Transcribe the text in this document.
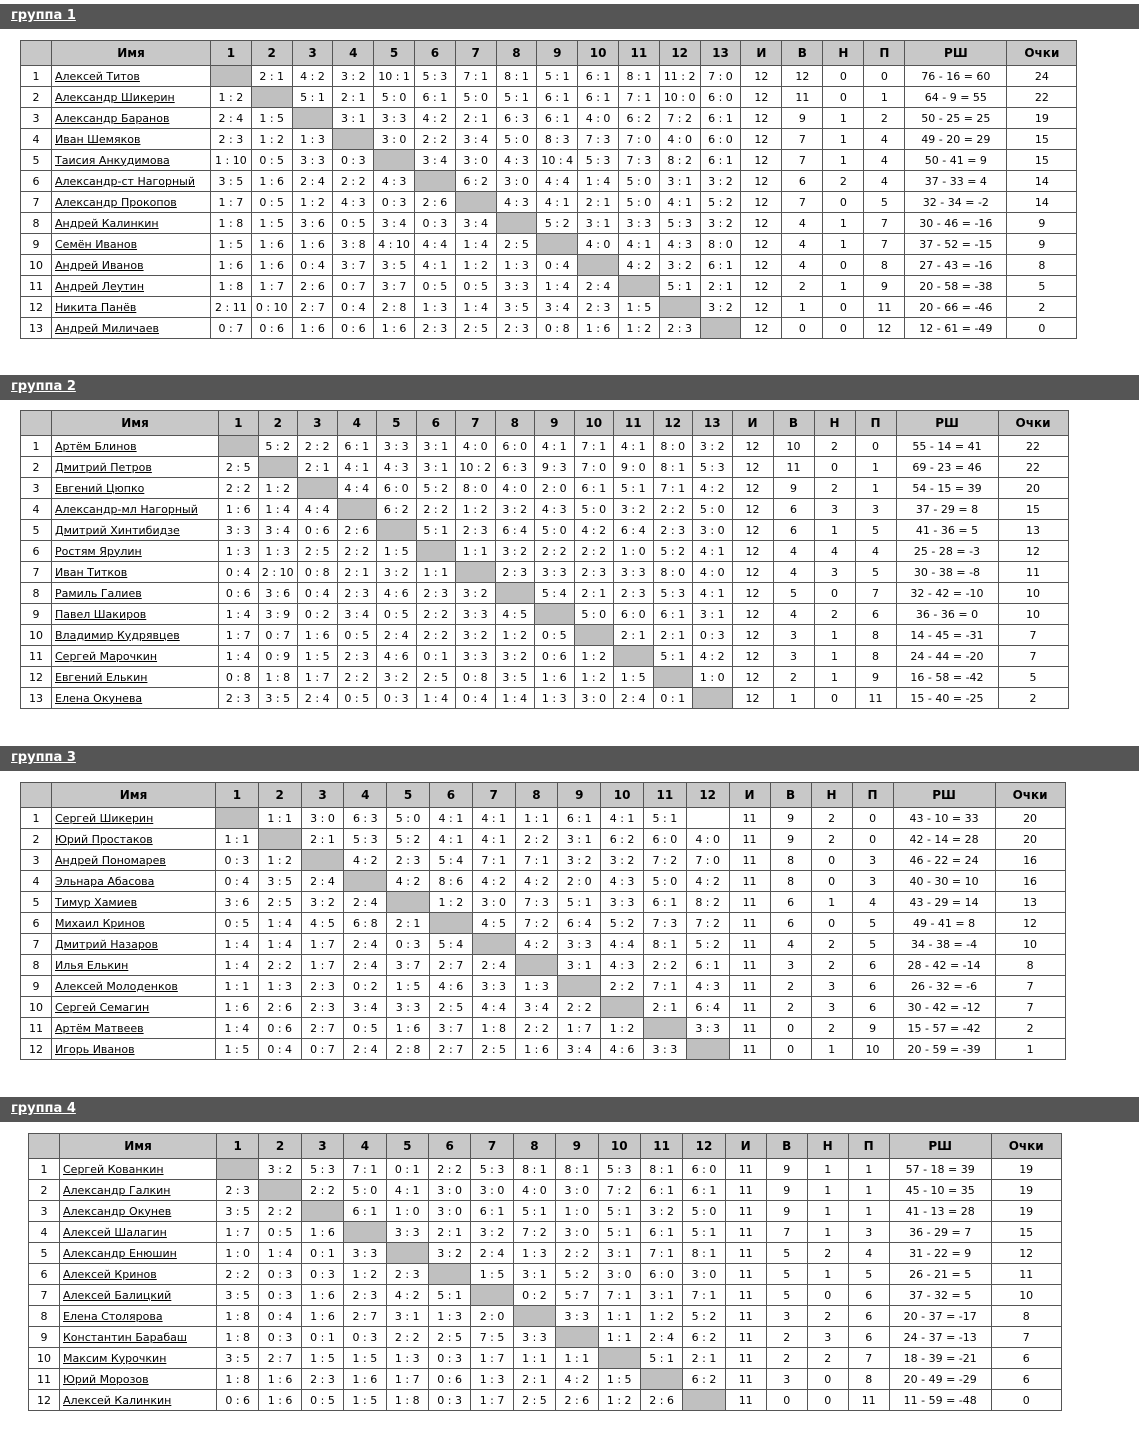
группа 1
	Имя	1	2	3	4	5	6	7	8	9	10	11	12	13	И	В	Н	П	РШ	Очки
1	Алексей Титов		2 : 1	4 : 2	3 : 2	10 : 1	5 : 3	7 : 1	8 : 1	5 : 1	6 : 1	8 : 1	11 : 2	7 : 0	12	12	0	0	76 - 16 = 60	24
2	Александр Шикерин	1 : 2		5 : 1	2 : 1	5 : 0	6 : 1	5 : 0	5 : 1	6 : 1	6 : 1	7 : 1	10 : 0	6 : 0	12	11	0	1	64 - 9 = 55	22
3	Александр Баранов	2 : 4	1 : 5		3 : 1	3 : 3	4 : 2	2 : 1	6 : 3	6 : 1	4 : 0	6 : 2	7 : 2	6 : 1	12	9	1	2	50 - 25 = 25	19
4	Иван Шемяков	2 : 3	1 : 2	1 : 3		3 : 0	2 : 2	3 : 4	5 : 0	8 : 3	7 : 3	7 : 0	4 : 0	6 : 0	12	7	1	4	49 - 20 = 29	15
5	Таисия Анкудимова	1 : 10	0 : 5	3 : 3	0 : 3		3 : 4	3 : 0	4 : 3	10 : 4	5 : 3	7 : 3	8 : 2	6 : 1	12	7	1	4	50 - 41 = 9	15
6	Александр-ст Нагорный	3 : 5	1 : 6	2 : 4	2 : 2	4 : 3		6 : 2	3 : 0	4 : 4	1 : 4	5 : 0	3 : 1	3 : 2	12	6	2	4	37 - 33 = 4	14
7	Александр Прокопов	1 : 7	0 : 5	1 : 2	4 : 3	0 : 3	2 : 6		4 : 3	4 : 1	2 : 1	5 : 0	4 : 1	5 : 2	12	7	0	5	32 - 34 = -2	14
8	Андрей Калинкин	1 : 8	1 : 5	3 : 6	0 : 5	3 : 4	0 : 3	3 : 4		5 : 2	3 : 1	3 : 3	5 : 3	3 : 2	12	4	1	7	30 - 46 = -16	9
9	Семён Иванов	1 : 5	1 : 6	1 : 6	3 : 8	4 : 10	4 : 4	1 : 4	2 : 5		4 : 0	4 : 1	4 : 3	8 : 0	12	4	1	7	37 - 52 = -15	9
10	Андрей Иванов	1 : 6	1 : 6	0 : 4	3 : 7	3 : 5	4 : 1	1 : 2	1 : 3	0 : 4		4 : 2	3 : 2	6 : 1	12	4	0	8	27 - 43 = -16	8
11	Андрей Леутин	1 : 8	1 : 7	2 : 6	0 : 7	3 : 7	0 : 5	0 : 5	3 : 3	1 : 4	2 : 4		5 : 1	2 : 1	12	2	1	9	20 - 58 = -38	5
12	Никита Панёв	2 : 11	0 : 10	2 : 7	0 : 4	2 : 8	1 : 3	1 : 4	3 : 5	3 : 4	2 : 3	1 : 5		3 : 2	12	1	0	11	20 - 66 = -46	2
13	Андрей Миличаев	0 : 7	0 : 6	1 : 6	0 : 6	1 : 6	2 : 3	2 : 5	2 : 3	0 : 8	1 : 6	1 : 2	2 : 3		12	0	0	12	12 - 61 = -49	0
группа 2
	Имя	1	2	3	4	5	6	7	8	9	10	11	12	13	И	В	Н	П	РШ	Очки
1	Артём Блинов		5 : 2	2 : 2	6 : 1	3 : 3	3 : 1	4 : 0	6 : 0	4 : 1	7 : 1	4 : 1	8 : 0	3 : 2	12	10	2	0	55 - 14 = 41	22
2	Дмитрий Петров	2 : 5		2 : 1	4 : 1	4 : 3	3 : 1	10 : 2	6 : 3	9 : 3	7 : 0	9 : 0	8 : 1	5 : 3	12	11	0	1	69 - 23 = 46	22
3	Евгений Цюпко	2 : 2	1 : 2		4 : 4	6 : 0	5 : 2	8 : 0	4 : 0	2 : 0	6 : 1	5 : 1	7 : 1	4 : 2	12	9	2	1	54 - 15 = 39	20
4	Александр-мл Нагорный	1 : 6	1 : 4	4 : 4		6 : 2	2 : 2	1 : 2	3 : 2	4 : 3	5 : 0	3 : 2	2 : 2	5 : 0	12	6	3	3	37 - 29 = 8	15
5	Дмитрий Хинтибидзе	3 : 3	3 : 4	0 : 6	2 : 6		5 : 1	2 : 3	6 : 4	5 : 0	4 : 2	6 : 4	2 : 3	3 : 0	12	6	1	5	41 - 36 = 5	13
6	Ростям Ярулин	1 : 3	1 : 3	2 : 5	2 : 2	1 : 5		1 : 1	3 : 2	2 : 2	2 : 2	1 : 0	5 : 2	4 : 1	12	4	4	4	25 - 28 = -3	12
7	Иван Титков	0 : 4	2 : 10	0 : 8	2 : 1	3 : 2	1 : 1		2 : 3	3 : 3	2 : 3	3 : 3	8 : 0	4 : 0	12	4	3	5	30 - 38 = -8	11
8	Рамиль Галиев	0 : 6	3 : 6	0 : 4	2 : 3	4 : 6	2 : 3	3 : 2		5 : 4	2 : 1	2 : 3	5 : 3	4 : 1	12	5	0	7	32 - 42 = -10	10
9	Павел Шакиров	1 : 4	3 : 9	0 : 2	3 : 4	0 : 5	2 : 2	3 : 3	4 : 5		5 : 0	6 : 0	6 : 1	3 : 1	12	4	2	6	36 - 36 = 0	10
10	Владимир Кудрявцев	1 : 7	0 : 7	1 : 6	0 : 5	2 : 4	2 : 2	3 : 2	1 : 2	0 : 5		2 : 1	2 : 1	0 : 3	12	3	1	8	14 - 45 = -31	7
11	Сергей Марочкин	1 : 4	0 : 9	1 : 5	2 : 3	4 : 6	0 : 1	3 : 3	3 : 2	0 : 6	1 : 2		5 : 1	4 : 2	12	3	1	8	24 - 44 = -20	7
12	Евгений Елькин	0 : 8	1 : 8	1 : 7	2 : 2	3 : 2	2 : 5	0 : 8	3 : 5	1 : 6	1 : 2	1 : 5		1 : 0	12	2	1	9	16 - 58 = -42	5
13	Елена Окунева	2 : 3	3 : 5	2 : 4	0 : 5	0 : 3	1 : 4	0 : 4	1 : 4	1 : 3	3 : 0	2 : 4	0 : 1		12	1	0	11	15 - 40 = -25	2
группа 3
	Имя	1	2	3	4	5	6	7	8	9	10	11	12	И	В	Н	П	РШ	Очки
1	Сергей Шикерин		1 : 1	3 : 0	6 : 3	5 : 0	4 : 1	4 : 1	1 : 1	6 : 1	4 : 1	5 : 1		11	9	2	0	43 - 10 = 33	20
2	Юрий Простаков	1 : 1		2 : 1	5 : 3	5 : 2	4 : 1	4 : 1	2 : 2	3 : 1	6 : 2	6 : 0	4 : 0	11	9	2	0	42 - 14 = 28	20
3	Андрей Пономарев	0 : 3	1 : 2		4 : 2	2 : 3	5 : 4	7 : 1	7 : 1	3 : 2	3 : 2	7 : 2	7 : 0	11	8	0	3	46 - 22 = 24	16
4	Эльнара Абасова	0 : 4	3 : 5	2 : 4		4 : 2	8 : 6	4 : 2	4 : 2	2 : 0	4 : 3	5 : 0	4 : 2	11	8	0	3	40 - 30 = 10	16
5	Тимур Хамиев	3 : 6	2 : 5	3 : 2	2 : 4		1 : 2	3 : 0	7 : 3	5 : 1	3 : 3	6 : 1	8 : 2	11	6	1	4	43 - 29 = 14	13
6	Михаил Кринов	0 : 5	1 : 4	4 : 5	6 : 8	2 : 1		4 : 5	7 : 2	6 : 4	5 : 2	7 : 3	7 : 2	11	6	0	5	49 - 41 = 8	12
7	Дмитрий Назаров	1 : 4	1 : 4	1 : 7	2 : 4	0 : 3	5 : 4		4 : 2	3 : 3	4 : 4	8 : 1	5 : 2	11	4	2	5	34 - 38 = -4	10
8	Илья Елькин	1 : 4	2 : 2	1 : 7	2 : 4	3 : 7	2 : 7	2 : 4		3 : 1	4 : 3	2 : 2	6 : 1	11	3	2	6	28 - 42 = -14	8
9	Алексей Молоденков	1 : 1	1 : 3	2 : 3	0 : 2	1 : 5	4 : 6	3 : 3	1 : 3		2 : 2	7 : 1	4 : 3	11	2	3	6	26 - 32 = -6	7
10	Сергей Семагин	1 : 6	2 : 6	2 : 3	3 : 4	3 : 3	2 : 5	4 : 4	3 : 4	2 : 2		2 : 1	6 : 4	11	2	3	6	30 - 42 = -12	7
11	Артём Матвеев	1 : 4	0 : 6	2 : 7	0 : 5	1 : 6	3 : 7	1 : 8	2 : 2	1 : 7	1 : 2		3 : 3	11	0	2	9	15 - 57 = -42	2
12	Игорь Иванов	1 : 5	0 : 4	0 : 7	2 : 4	2 : 8	2 : 7	2 : 5	1 : 6	3 : 4	4 : 6	3 : 3		11	0	1	10	20 - 59 = -39	1
группа 4
	Имя	1	2	3	4	5	6	7	8	9	10	11	12	И	В	Н	П	РШ	Очки
1	Сергей Кованкин		3 : 2	5 : 3	7 : 1	0 : 1	2 : 2	5 : 3	8 : 1	8 : 1	5 : 3	8 : 1	6 : 0	11	9	1	1	57 - 18 = 39	19
2	Александр Галкин	2 : 3		2 : 2	5 : 0	4 : 1	3 : 0	3 : 0	4 : 0	3 : 0	7 : 2	6 : 1	6 : 1	11	9	1	1	45 - 10 = 35	19
3	Александр Окунев	3 : 5	2 : 2		6 : 1	1 : 0	3 : 0	6 : 1	5 : 1	1 : 0	5 : 1	3 : 2	5 : 0	11	9	1	1	41 - 13 = 28	19
4	Алексей Шалагин	1 : 7	0 : 5	1 : 6		3 : 3	2 : 1	3 : 2	7 : 2	3 : 0	5 : 1	6 : 1	5 : 1	11	7	1	3	36 - 29 = 7	15
5	Александр Енюшин	1 : 0	1 : 4	0 : 1	3 : 3		3 : 2	2 : 4	1 : 3	2 : 2	3 : 1	7 : 1	8 : 1	11	5	2	4	31 - 22 = 9	12
6	Алексей Кринов	2 : 2	0 : 3	0 : 3	1 : 2	2 : 3		1 : 5	3 : 1	5 : 2	3 : 0	6 : 0	3 : 0	11	5	1	5	26 - 21 = 5	11
7	Алексей Балицкий	3 : 5	0 : 3	1 : 6	2 : 3	4 : 2	5 : 1		0 : 2	5 : 7	7 : 1	3 : 1	7 : 1	11	5	0	6	37 - 32 = 5	10
8	Елена Столярова	1 : 8	0 : 4	1 : 6	2 : 7	3 : 1	1 : 3	2 : 0		3 : 3	1 : 1	1 : 2	5 : 2	11	3	2	6	20 - 37 = -17	8
9	Константин Барабаш	1 : 8	0 : 3	0 : 1	0 : 3	2 : 2	2 : 5	7 : 5	3 : 3		1 : 1	2 : 4	6 : 2	11	2	3	6	24 - 37 = -13	7
10	Максим Курочкин	3 : 5	2 : 7	1 : 5	1 : 5	1 : 3	0 : 3	1 : 7	1 : 1	1 : 1		5 : 1	2 : 1	11	2	2	7	18 - 39 = -21	6
11	Юрий Морозов	1 : 8	1 : 6	2 : 3	1 : 6	1 : 7	0 : 6	1 : 3	2 : 1	4 : 2	1 : 5		6 : 2	11	3	0	8	20 - 49 = -29	6
12	Алексей Калинкин	0 : 6	1 : 6	0 : 5	1 : 5	1 : 8	0 : 3	1 : 7	2 : 5	2 : 6	1 : 2	2 : 6		11	0	0	11	11 - 59 = -48	0
